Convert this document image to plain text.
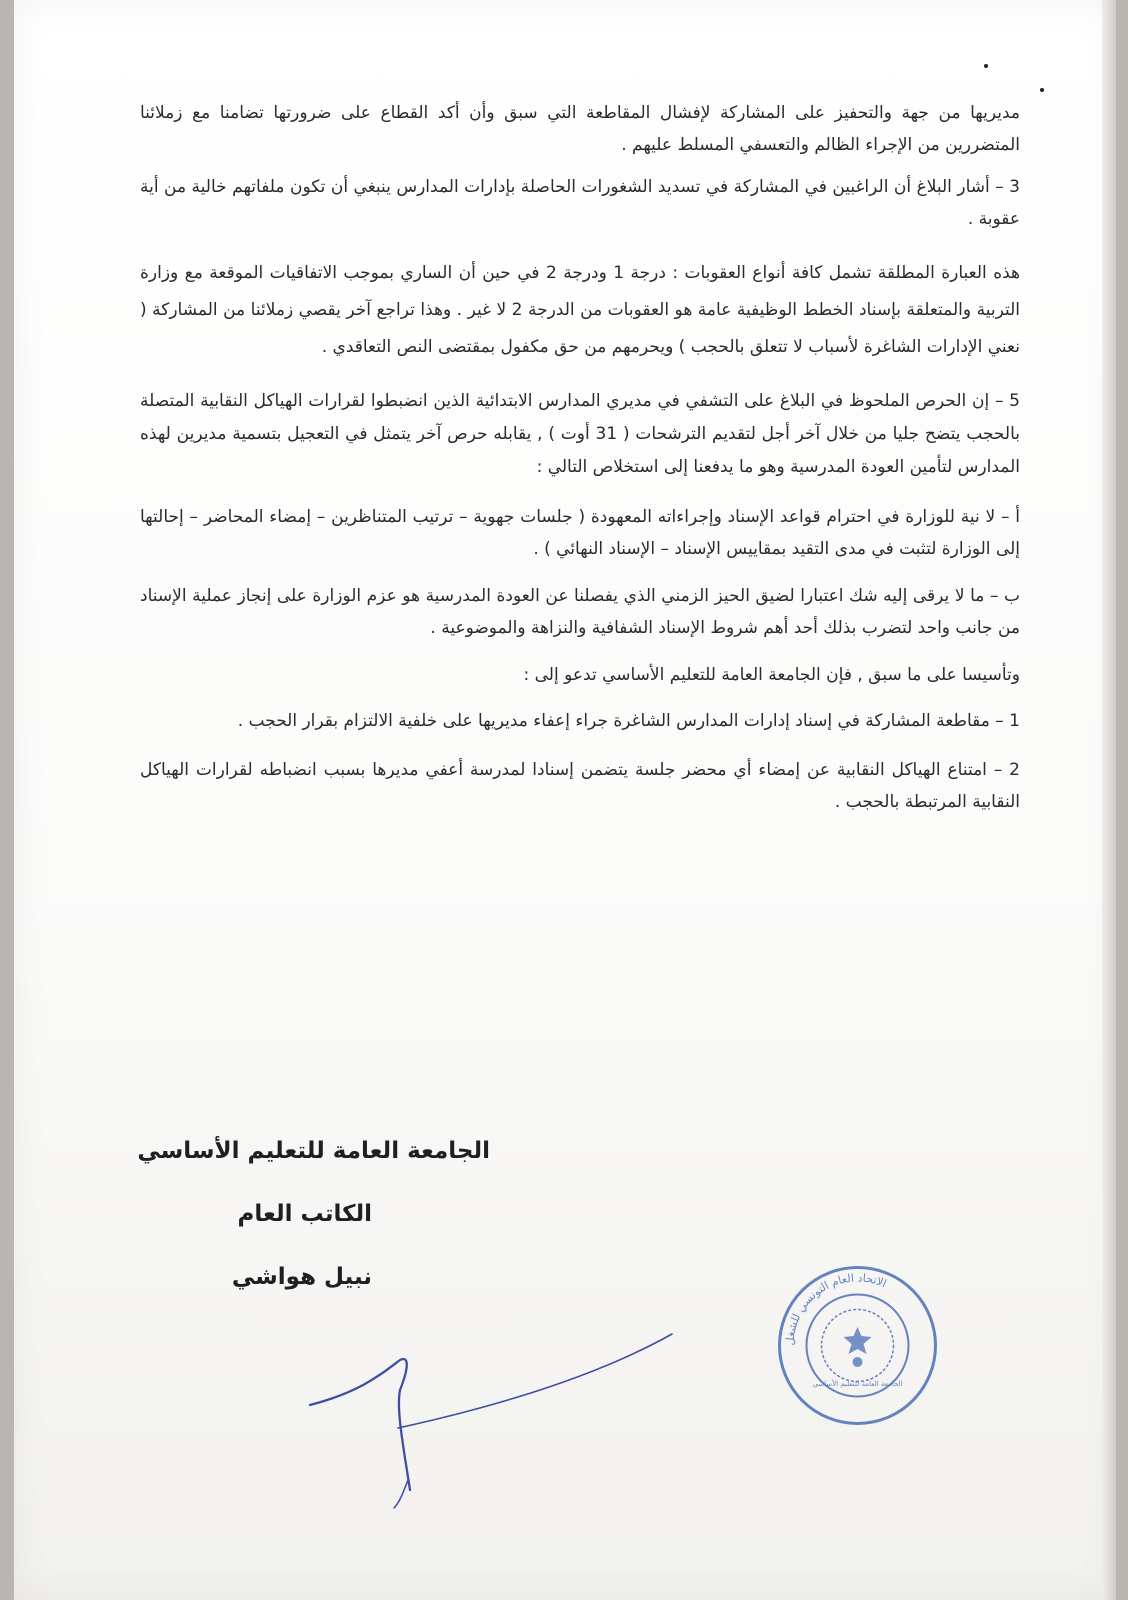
مديريها من جهة والتحفيز على المشاركة لإفشال المقاطعة التي سبق وأن أكد القطاع على ضرورتها تضامنا مع زملائنا المتضررين من الإجراء الظالم والتعسفي المسلط عليهم .

3 – أشار البلاغ أن الراغبين في المشاركة في تسديد الشغورات الحاصلة بإدارات المدارس ينبغي أن تكون ملفاتهم خالية من أية عقوبة .

هذه العبارة المطلقة تشمل كافة أنواع العقوبات : درجة 1 ودرجة 2 في حين أن الساري بموجب الاتفاقيات الموقعة مع وزارة التربية والمتعلقة بإسناد الخطط الوظيفية عامة هو العقوبات من الدرجة 2 لا غير . وهذا تراجع آخر يقصي زملائنا من المشاركة ( نعني الإدارات الشاغرة لأسباب لا تتعلق بالحجب ) ويحرمهم من حق مكفول بمقتضى النص التعاقدي .

5 – إن الحرص الملحوظ في البلاغ على التشفي في مديري المدارس الابتدائية الذين انضبطوا لقرارات الهياكل النقابية المتصلة بالحجب يتضح جليا من خلال آخر أجل لتقديم الترشحات ( 31 أوت ) , يقابله حرص آخر يتمثل في التعجيل بتسمية مديرين لهذه المدارس لتأمين العودة المدرسية وهو ما يدفعنا إلى استخلاص التالي :

أ – لا نية للوزارة في احترام قواعد الإسناد وإجراءاته المعهودة ( جلسات جهوية – ترتيب المتناظرين – إمضاء المحاضر – إحالتها إلى الوزارة لتثبت في مدى التقيد بمقاييس الإسناد – الإسناد النهائي ) .

ب – ما لا يرقى إليه شك اعتبارا لضيق الحيز الزمني الذي يفصلنا عن العودة المدرسية هو عزم الوزارة على إنجاز عملية الإسناد من جانب واحد لتضرب بذلك أحد أهم شروط الإسناد الشفافية والنزاهة والموضوعية .

وتأسيسا على ما سبق , فإن الجامعة العامة للتعليم الأساسي تدعو إلى :

1 – مقاطعة المشاركة في إسناد إدارات المدارس الشاغرة جراء إعفاء مديريها على خلفية الالتزام بقرار الحجب .

2 – امتناع الهياكل النقابية عن إمضاء أي محضر جلسة يتضمن إسنادا لمدرسة أعفي مديرها بسبب انضباطه لقرارات الهياكل النقابية المرتبطة بالحجب .

الجامعة العامة للتعليم الأساسي
الكاتب العام
نبيل هواشي
الاتحاد العام التونسي للشغل
الجامعة العامة للتعليم الأساسي
